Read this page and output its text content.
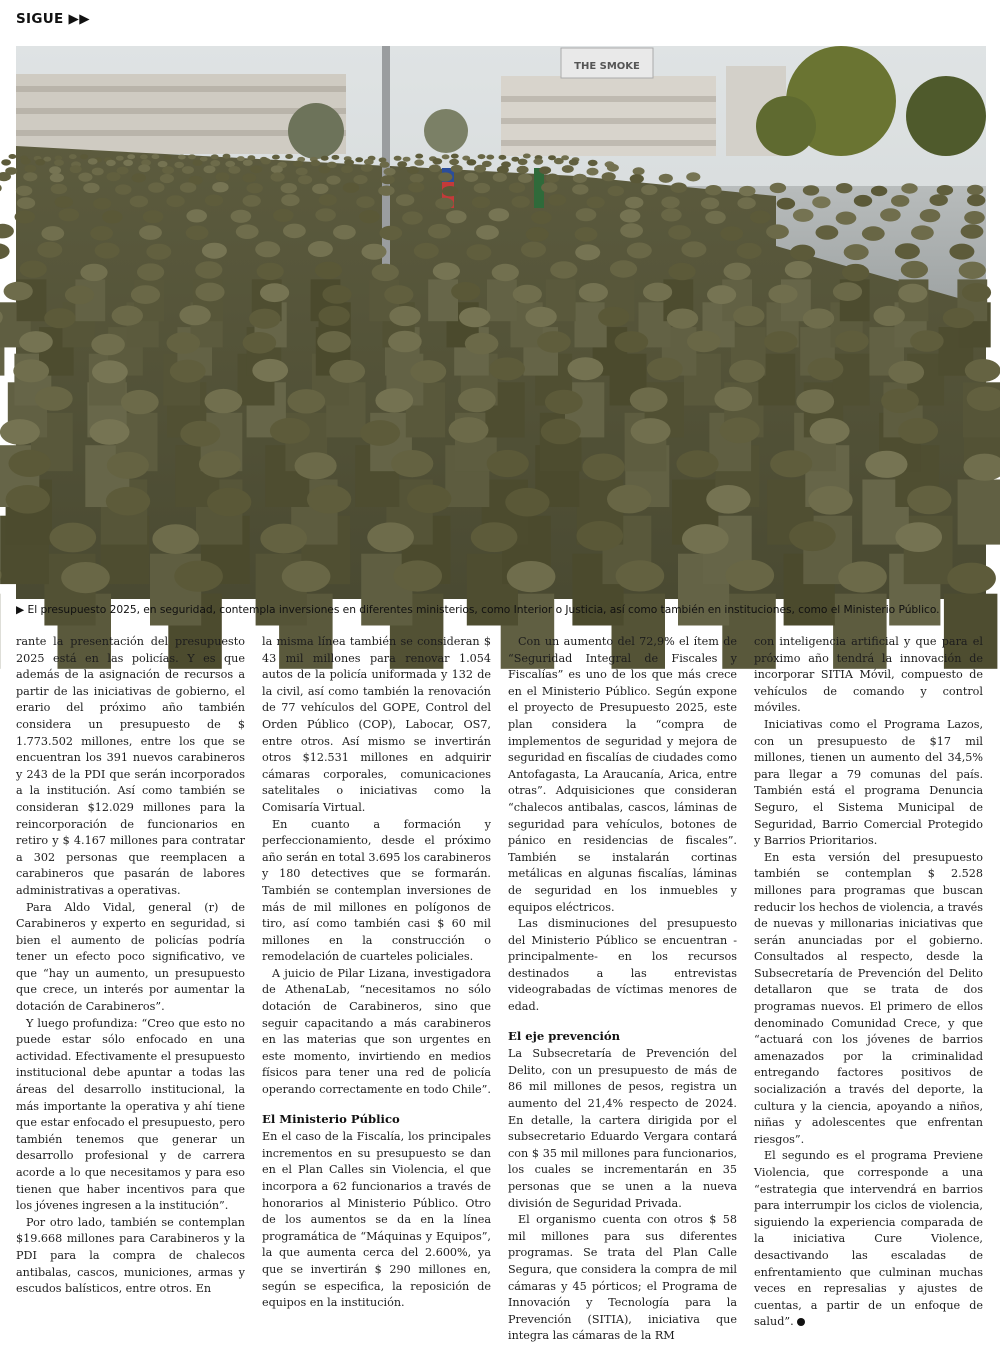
SIGUE ▶▶
THE SMOKE
▶ El presupuesto 2025, en seguridad, contempla inversiones en diferentes ministerios, como Interior o Justicia, así como también en instituciones, como el Ministerio Público.

rante la presentación del presupuesto 2025 está en las policías. Y es que además de la asignación de recursos a partir de las iniciativas de gobierno, el erario del próximo año también considera un presupuesto de $ 1.773.502 millones, entre los que se encuentran los 391 nuevos carabineros y 243 de la PDI que serán incorporados a la institución. Así como también se consideran $12.029 millones para la reincorporación de funcionarios en retiro y $ 4.167 millones para contratar a 302 personas que reemplacen a carabineros que pasarán de labores administrativas a operativas.

Para Aldo Vidal, general (r) de Carabineros y experto en seguridad, si bien el aumento de policías podría tener un efecto poco significativo, ve que “hay un aumento, un presupuesto que crece, un interés por aumentar la dotación de Carabineros”.

Y luego profundiza: “Creo que esto no puede estar sólo enfocado en una actividad. Efectivamente el presupuesto institucional debe apuntar a todas las áreas del desarrollo institucional, la más importante la operativa y ahí tiene que estar enfocado el presupuesto, pero también tenemos que generar un desarrollo profesional y de carrera acorde a lo que necesitamos y para eso tienen que haber incentivos para que los jóvenes ingresen a la institución”.

Por otro lado, también se contemplan $19.668 millones para Carabineros y la PDI para la compra de chalecos antibalas, cascos, municiones, armas y escudos balísticos, entre otros. En

la misma línea también se consideran $ 43 mil millones para renovar 1.054 autos de la policía uniformada y 132 de la civil, así como también la renovación de 77 vehículos del GOPE, Control del Orden Público (COP), Labocar, OS7, entre otros. Así mismo se invertirán otros $12.531 millones en adquirir cámaras corporales, comunicaciones satelitales o iniciativas como la Comisaría Virtual.

En cuanto a formación y perfeccionamiento, desde el próximo año serán en total 3.695 los carabineros y 180 detectives que se formarán. También se contemplan inversiones de más de mil millones en polígonos de tiro, así como también casi $ 60 mil millones en la construcción o remodelación de cuarteles policiales.

A juicio de Pilar Lizana, investigadora de AthenaLab, “necesitamos no sólo dotación de Carabineros, sino que seguir capacitando a más carabineros en las materias que son urgentes en este momento, invirtiendo en medios físicos para tener una red de policía operando correctamente en todo Chile”.

El Ministerio Público

En el caso de la Fiscalía, los principales incrementos en su presupuesto se dan en el Plan Calles sin Violencia, el que incorpora a 62 funcionarios a través de honorarios al Ministerio Público. Otro de los aumentos se da en la línea programática de “Máquinas y Equipos”, la que aumenta cerca del 2.600%, ya que se invertirán $ 290 millones en, según se especifica, la reposición de equipos en la institución.

Con un aumento del 72,9% el ítem de “Seguridad Integral de Fiscales y Fiscalías” es uno de los que más crece en el Ministerio Público. Según expone el proyecto de Presupuesto 2025, este plan considera la “compra de implementos de seguridad y mejora de seguridad en fiscalías de ciudades como Antofagasta, La Araucanía, Arica, entre otras”. Adquisiciones que consideran “chalecos antibalas, cascos, láminas de seguridad para vehículos, botones de pánico en residencias de fiscales”. También se instalarán cortinas metálicas en algunas fiscalías, láminas de seguridad en los inmuebles y equipos eléctricos.

Las disminuciones del presupuesto del Ministerio Público se encuentran -principalmente- en los recursos destinados a las entrevistas videograbadas de víctimas menores de edad.

El eje prevención

La Subsecretaría de Prevención del Delito, con un presupuesto de más de 86 mil millones de pesos, registra un aumento del 21,4% respecto de 2024. En detalle, la cartera dirigida por el subsecretario Eduardo Vergara contará con $ 35 mil millones para funcionarios, los cuales se incrementarán en 35 personas que se unen a la nueva división de Seguridad Privada.

El organismo cuenta con otros $ 58 mil millones para sus diferentes programas. Se trata del Plan Calle Segura, que considera la compra de mil cámaras y 45 pórticos; el Programa de Innovación y Tecnología para la Prevención (SITIA), iniciativa que integra las cámaras de la RM

con inteligencia artificial y que para el próximo año tendrá la innovación de incorporar SITIA Móvil, compuesto de vehículos de comando y control móviles.

Iniciativas como el Programa Lazos, con un presupuesto de $17 mil millones, tienen un aumento del 34,5% para llegar a 79 comunas del país. También está el programa Denuncia Seguro, el Sistema Municipal de Seguridad, Barrio Comercial Protegido y Barrios Prioritarios.

En esta versión del presupuesto también se contemplan $ 2.528 millones para programas que buscan reducir los hechos de violencia, a través de nuevas y millonarias iniciativas que serán anunciadas por el gobierno. Consultados al respecto, desde la Subsecretaría de Prevención del Delito detallaron que se trata de dos programas nuevos. El primero de ellos denominado Comunidad Crece, y que “actuará con los jóvenes de barrios amenazados por la criminalidad entregando factores positivos de socialización a través del deporte, la cultura y la ciencia, apoyando a niños, niñas y adolescentes que enfrentan riesgos”.

El segundo es el programa Previene Violencia, que corresponde a una “estrategia que intervendrá en barrios para interrumpir los ciclos de violencia, siguiendo la experiencia comparada de la iniciativa Cure Violence, desactivando las escaladas de enfrentamiento que culminan muchas veces en represalias y ajustes de cuentas, a partir de un enfoque de salud”.
